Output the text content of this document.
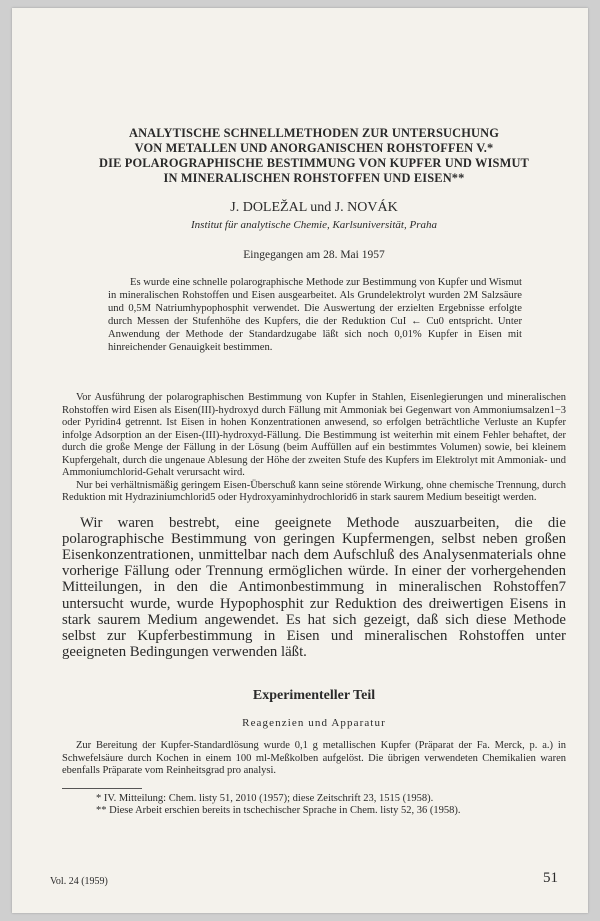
ANALYTISCHE SCHNELLMETHODEN ZUR UNTERSUCHUNG

VON METALLEN UND ANORGANISCHEN ROHSTOFFEN V.*

DIE POLAROGRAPHISCHE BESTIMMUNG VON KUPFER UND WISMUT

IN MINERALISCHEN ROHSTOFFEN UND EISEN**

J. DOLEŽAL und J. NOVÁK
Institut für analytische Chemie, Karlsuniversität, Praha
Eingegangen am 28. Mai 1957

Es wurde eine schnelle polarographische Methode zur Bestimmung von Kupfer und Wismut in mineralischen Rohstoffen und Eisen ausgearbeitet. Als Grundelektrolyt wurden 2M Salzsäure und 0,5M Natriumhypophosphit verwendet. Die Auswertung der erzielten Ergebnisse erfolgte durch Messen der Stufenhöhe des Kupfers, die der Reduktion CuI ← Cu0 entspricht. Unter Anwendung der Methode der Standardzugabe läßt sich noch 0,01% Kupfer in Eisen mit hinreichender Genauigkeit bestimmen.

Vor Ausführung der polarographischen Bestimmung von Kupfer in Stahlen, Eisenlegierungen und mineralischen Rohstoffen wird Eisen als Eisen(III)-hydroxyd durch Fällung mit Ammoniak bei Gegenwart von Ammoniumsalzen1−3 oder Pyridin4 getrennt. Ist Eisen in hohen Konzentrationen anwesend, so erfolgen beträchtliche Verluste an Kupfer infolge Adsorption an der Eisen-(III)-hydroxyd-Fällung. Die Bestimmung ist weiterhin mit einem Fehler behaftet, der durch die große Menge der Fällung in der Lösung (beim Auffüllen auf ein bestimmtes Volumen) sowie, bei kleinem Kupfergehalt, durch die ungenaue Ablesung der Höhe der zweiten Stufe des Kupfers im Elektrolyt mit Ammoniak- und Ammoniumchlorid-Gehalt verursacht wird.

Nur bei verhältnismäßig geringem Eisen-Überschuß kann seine störende Wirkung, ohne chemische Trennung, durch Reduktion mit Hydraziniumchlorid5 oder Hydroxyaminhydrochlorid6 in stark saurem Medium beseitigt werden.

Wir waren bestrebt, eine geeignete Methode auszuarbeiten, die die polarographische Bestimmung von geringen Kupfermengen, selbst neben großen Eisenkonzentrationen, unmittelbar nach dem Aufschluß des Analysenmaterials ohne vorherige Fällung oder Trennung ermöglichen würde. In einer der vorhergehenden Mitteilungen, in den die Antimonbestimmung in mineralischen Rohstoffen7 untersucht wurde, wurde Hypophosphit zur Reduktion des dreiwertigen Eisens in stark saurem Medium angewendet. Es hat sich gezeigt, daß sich diese Methode selbst zur Kupferbestimmung in Eisen und mineralischen Rohstoffen unter geeigneten Bedingungen verwenden läßt.

Experimenteller Teil
Reagenzien und Apparatur

Zur Bereitung der Kupfer-Standardlösung wurde 0,1 g metallischen Kupfer (Präparat der Fa. Merck, p. a.) in Schwefelsäure durch Kochen in einem 100 ml-Meßkolben aufgelöst. Die übrigen verwendeten Chemikalien waren ebenfalls Präparate vom Reinheitsgrad pro analysi.

* IV. Mitteilung: Chem. listy 51, 2010 (1957); diese Zeitschrift 23, 1515 (1958).

** Diese Arbeit erschien bereits in tschechischer Sprache in Chem. listy 52, 36 (1958).

Vol. 24 (1959)	51
